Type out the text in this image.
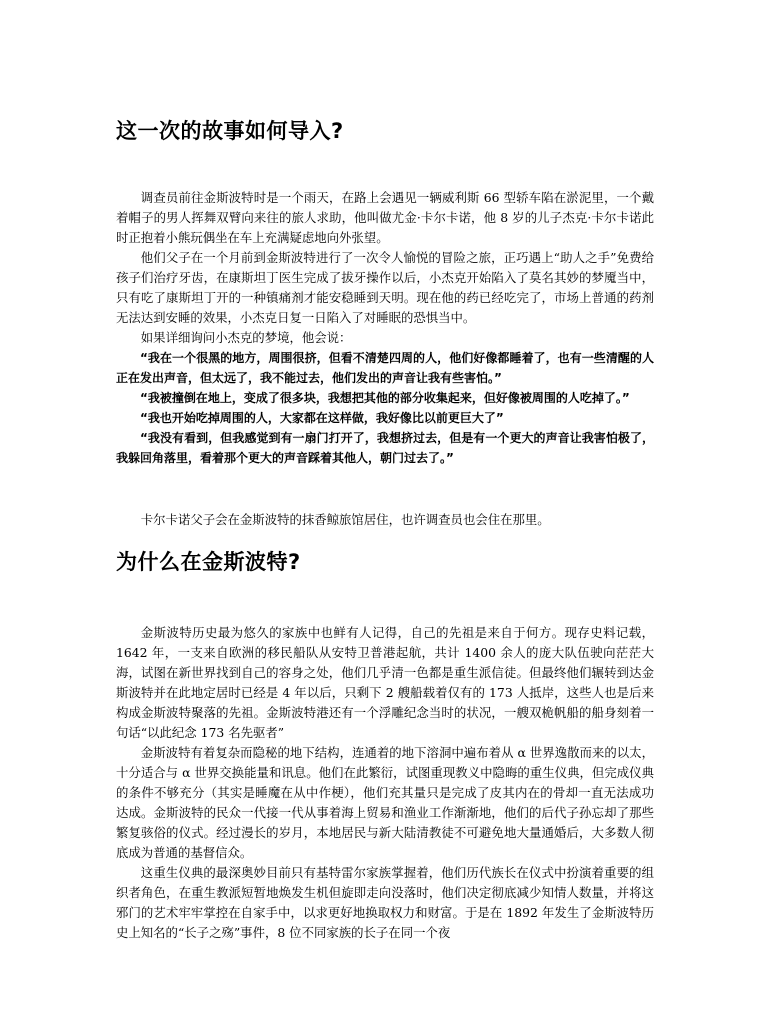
这一次的故事如何导入?

调查员前往金斯波特时是一个雨天，在路上会遇见一辆威利斯 66 型轿车陷在淤泥里，一个戴着帽子的男人挥舞双臂向来往的旅人求助，他叫做尤金·卡尔卡诺，他 8 岁的儿子杰克·卡尔卡诺此时正抱着小熊玩偶坐在车上充满疑虑地向外张望。

他们父子在一个月前到金斯波特进行了一次令人愉悦的冒险之旅，正巧遇上“助人之手”免费给孩子们治疗牙齿，在康斯坦丁医生完成了拔牙操作以后，小杰克开始陷入了莫名其妙的梦魇当中，只有吃了康斯坦丁开的一种镇痛剂才能安稳睡到天明。现在他的药已经吃完了，市场上普通的药剂无法达到安睡的效果，小杰克日复一日陷入了对睡眠的恐惧当中。

如果详细询问小杰克的梦境，他会说：

“我在一个很黑的地方，周围很挤，但看不清楚四周的人，他们好像都睡着了，也有一些清醒的人正在发出声音，但太远了，我不能过去，他们发出的声音让我有些害怕。”

“我被撞倒在地上，变成了很多块，我想把其他的部分收集起来，但好像被周围的人吃掉了。”

“我也开始吃掉周围的人，大家都在这样做，我好像比以前更巨大了”

“我没有看到，但我感觉到有一扇门打开了，我想挤过去，但是有一个更大的声音让我害怕极了，我躲回角落里，看着那个更大的声音踩着其他人，朝门过去了。”

卡尔卡诺父子会在金斯波特的抹香鲸旅馆居住，也许调查员也会住在那里。

为什么在金斯波特?

金斯波特历史最为悠久的家族中也鲜有人记得，自己的先祖是来自于何方。现存史料记载，1642 年，一支来自欧洲的移民船队从安特卫普港起航，共计 1400 余人的庞大队伍驶向茫茫大海，试图在新世界找到自己的容身之处，他们几乎清一色都是重生派信徒。但最终他们辗转到达金斯波特并在此地定居时已经是 4 年以后，只剩下 2 艘船载着仅有的 173 人抵岸，这些人也是后来构成金斯波特聚落的先祖。金斯波特港还有一个浮雕纪念当时的状况，一艘双桅帆船的船身刻着一句话“以此纪念 173 名先驱者”

金斯波特有着复杂而隐秘的地下结构，连通着的地下溶洞中遍布着从 α 世界逸散而来的以太，十分适合与 α 世界交换能量和讯息。他们在此繁衍，试图重现教义中隐晦的重生仪典，但完成仪典的条件不够充分（其实是睡魔在从中作梗），他们充其量只是完成了皮其内在的骨却一直无法成功达成。金斯波特的民众一代接一代从事着海上贸易和渔业工作渐渐地，他们的后代子孙忘却了那些繁复骇俗的仪式。经过漫长的岁月，本地居民与新大陆清教徒不可避免地大量通婚后，大多数人彻底成为普通的基督信众。

这重生仪典的最深奥妙目前只有基特雷尔家族掌握着，他们历代族长在仪式中扮演着重要的组织者角色，在重生教派短暂地焕发生机但旋即走向没落时，他们决定彻底减少知情人数量，并将这邪门的艺术牢牢掌控在自家手中，以求更好地换取权力和财富。于是在 1892 年发生了金斯波特历史上知名的“长子之殇”事件，8 位不同家族的长子在同一个夜
